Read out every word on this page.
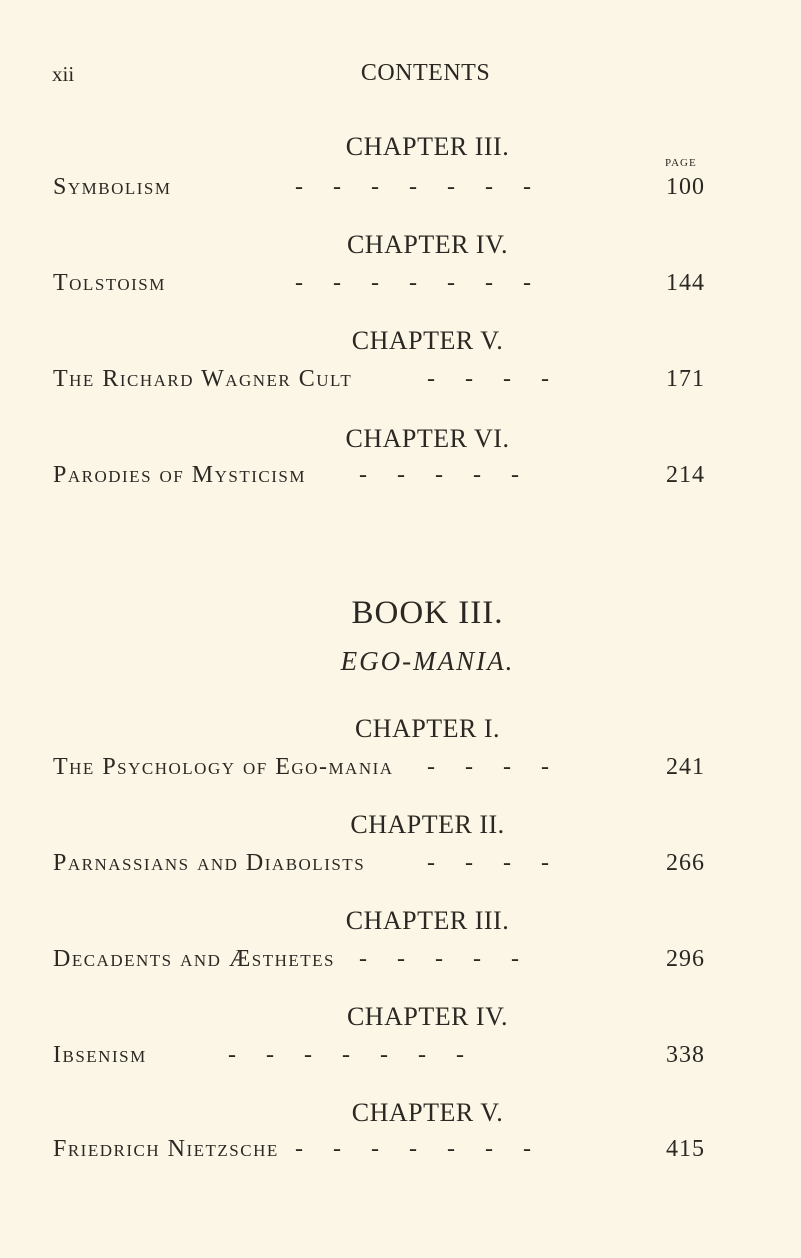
xii	CONTENTS
CHAPTER III.
PAGE
Symbolism	-     -     -     -     -     -     -	100
CHAPTER IV.
Tolstoism	-     -     -     -     -     -     -	144
CHAPTER V.
The Richard Wagner Cult	-     -     -     -	171
CHAPTER VI.
Parodies of Mysticism -     -     -     -     -	214
BOOK III.
EGO-MANIA.
CHAPTER I.
The Psychology of Ego-mania -     -     -     -	241
CHAPTER II.
Parnassians and Diabolists	-     -     -     -	266
CHAPTER III.
Decadents and Æsthetes -     -     -     -     -	296
CHAPTER IV.
Ibsenism	-     -     -     -     -     -     -	338
CHAPTER V.
Friedrich Nietzsche -     -     -     -     -     -     -	415
